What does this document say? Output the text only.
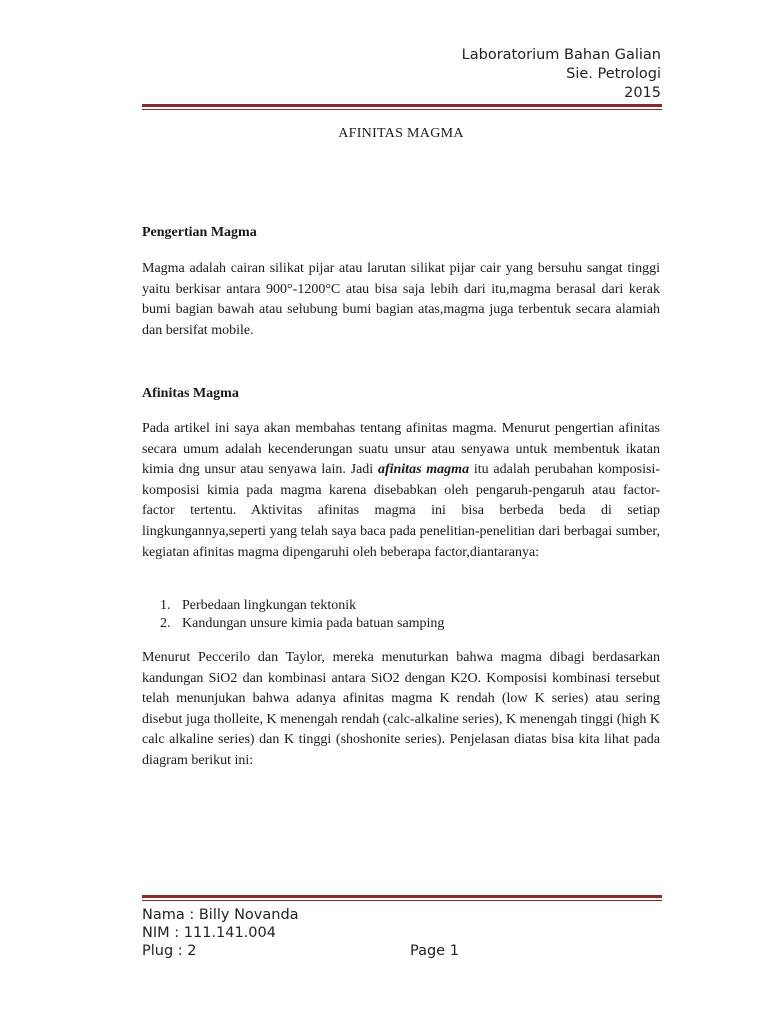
Laboratorium Bahan Galian
Sie. Petrologi
2015
AFINITAS MAGMA
Pengertian Magma

Magma adalah cairan silikat pijar atau larutan silikat pijar cair yang bersuhu sangat tinggi yaitu berkisar antara 900°-1200°C atau bisa saja lebih dari itu,magma berasal dari kerak bumi bagian bawah atau selubung bumi bagian atas,magma juga terbentuk secara alamiah dan bersifat mobile.

Afinitas Magma

Pada artikel ini saya akan membahas tentang afinitas magma. Menurut pengertian afinitas secara umum adalah kecenderungan suatu unsur atau senyawa untuk membentuk ikatan kimia dng unsur atau senyawa lain. Jadi afinitas magma itu adalah perubahan komposisi- komposisi kimia pada magma karena disebabkan oleh pengaruh-pengaruh atau factor- factor tertentu. Aktivitas afinitas magma ini bisa berbeda beda di setiap lingkungannya,seperti yang telah saya baca pada penelitian-penelitian dari berbagai sumber, kegiatan afinitas magma dipengaruhi oleh beberapa factor,diantaranya:

1. Perbedaan lingkungan tektonik
2. Kandungan unsure kimia pada batuan samping

Menurut Peccerilo dan Taylor, mereka menuturkan bahwa magma dibagi berdasarkan kandungan SiO2 dan kombinasi antara SiO2 dengan K2O. Komposisi kombinasi tersebut telah menunjukan bahwa adanya afinitas magma K rendah (low K series) atau sering disebut juga tholleite, K menengah rendah (calc-alkaline series), K menengah tinggi (high K calc alkaline series) dan K tinggi (shoshonite series). Penjelasan diatas bisa kita lihat pada diagram berikut ini:

Nama : Billy Novanda
NIM : 111.141.004
Plug : 2	Page 1
